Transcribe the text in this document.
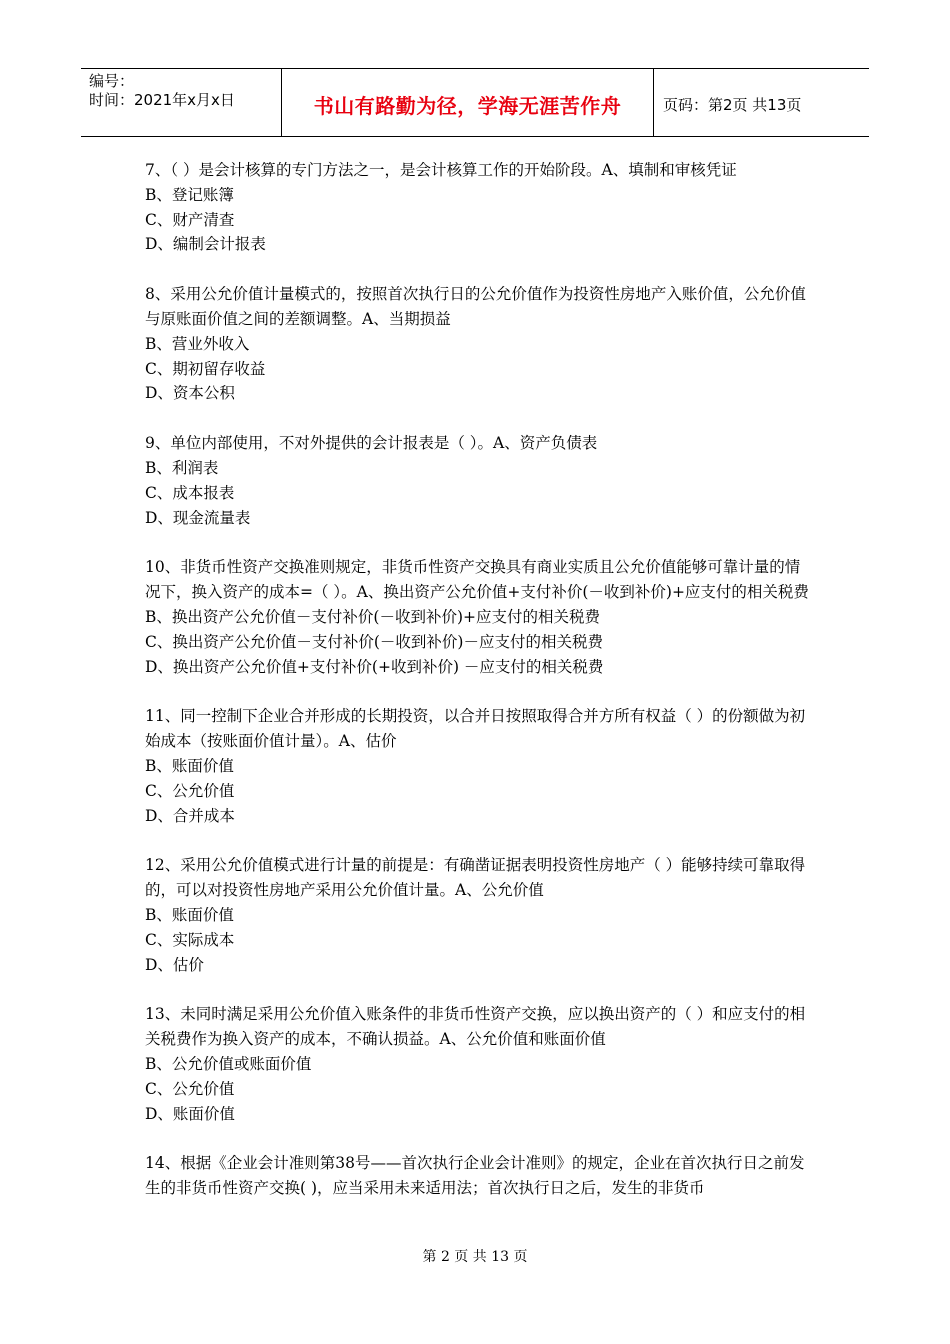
编号：
时间：2021年x月x日	书山有路勤为径，学海无涯苦作舟	页码：第2页 共13页

7、（ ）是会计核算的专门方法之一，是会计核算工作的开始阶段。A、填制和审核凭证

B、登记账簿

C、财产清查

D、编制会计报表

8、采用公允价值计量模式的，按照首次执行日的公允价值作为投资性房地产入账价值，公允价值与原账面价值之间的差额调整。A、当期损益

B、营业外收入

C、期初留存收益

D、资本公积

9、单位内部使用，不对外提供的会计报表是（ ）。A、资产负债表

B、利润表

C、成本报表

D、现金流量表

10、非货币性资产交换准则规定，非货币性资产交换具有商业实质且公允价值能够可靠计量的情况下，换入资产的成本=（ ）。A、换出资产公允价值+支付补价(－收到补价)+应支付的相关税费

B、换出资产公允价值－支付补价(－收到补价)+应支付的相关税费

C、换出资产公允价值－支付补价(－收到补价)－应支付的相关税费

D、换出资产公允价值+支付补价(+收到补价) －应支付的相关税费

11、同一控制下企业合并形成的长期投资，以合并日按照取得合并方所有权益（ ）的份额做为初始成本（按账面价值计量）。A、估价

B、账面价值

C、公允价值

D、合并成本

12、采用公允价值模式进行计量的前提是：有确凿证据表明投资性房地产（ ）能够持续可靠取得的，可以对投资性房地产采用公允价值计量。A、公允价值

B、账面价值

C、实际成本

D、估价

13、未同时满足采用公允价值入账条件的非货币性资产交换，应以换出资产的（ ）和应支付的相关税费作为换入资产的成本，不确认损益。A、公允价值和账面价值

B、公允价值或账面价值

C、公允价值

D、账面价值

14、根据《企业会计准则第38号——首次执行企业会计准则》的规定，企业在首次执行日之前发生的非货币性资产交换( )，应当采用未来适用法；首次执行日之后，发生的非货币

第 2 页 共 13 页
